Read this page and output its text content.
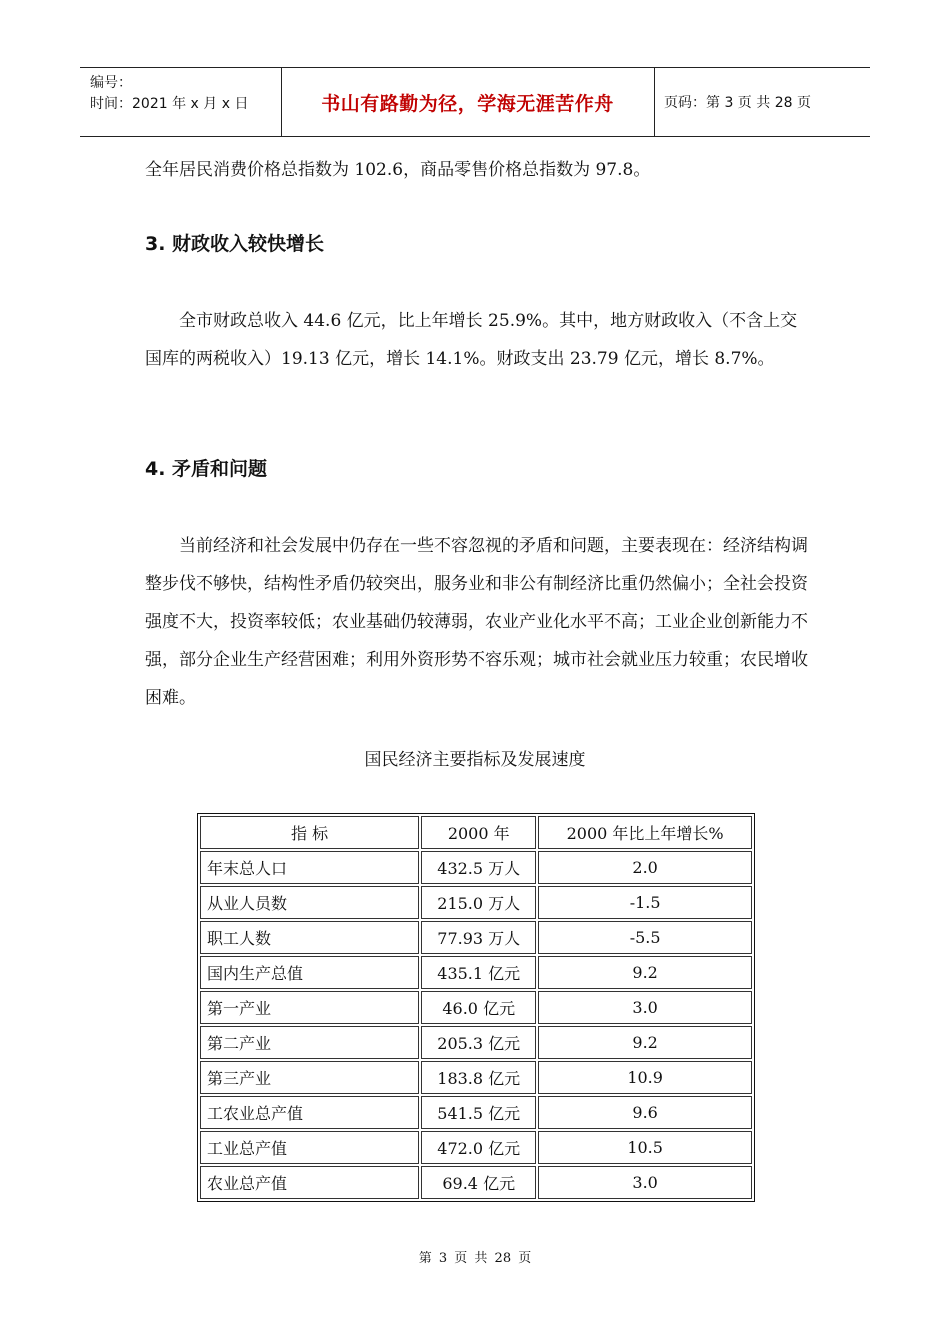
编号：
时间：2021 年 x 月 x 日	书山有路勤为径，学海无涯苦作舟	页码：第 3 页 共 28 页

全年居民消费价格总指数为 102.6，商品零售价格总指数为 97.8。

3. 财政收入较快增长

全市财政总收入 44.6 亿元，比上年增长 25.9%。其中，地方财政收入（不含上交国库的两税收入）19.13 亿元，增长 14.1%。财政支出 23.79 亿元，增长 8.7%。

4. 矛盾和问题

当前经济和社会发展中仍存在一些不容忽视的矛盾和问题，主要表现在：经济结构调整步伐不够快，结构性矛盾仍较突出，服务业和非公有制经济比重仍然偏小；全社会投资强度不大，投资率较低；农业基础仍较薄弱，农业产业化水平不高；工业企业创新能力不强，部分企业生产经营困难；利用外资形势不容乐观；城市社会就业压力较重；农民增收困难。

国民经济主要指标及发展速度
指 标	2000 年	2000 年比上年增长%
年末总人口	432.5 万人	2.0
从业人员数	215.0 万人	-1.5
职工人数	77.93 万人	-5.5
国内生产总值	435.1 亿元	9.2
第一产业	46.0 亿元	3.0
第二产业	205.3 亿元	9.2
第三产业	183.8 亿元	10.9
工农业总产值	541.5 亿元	9.6
工业总产值	472.0 亿元	10.5
农业总产值	69.4 亿元	3.0
第 3 页 共 28 页
